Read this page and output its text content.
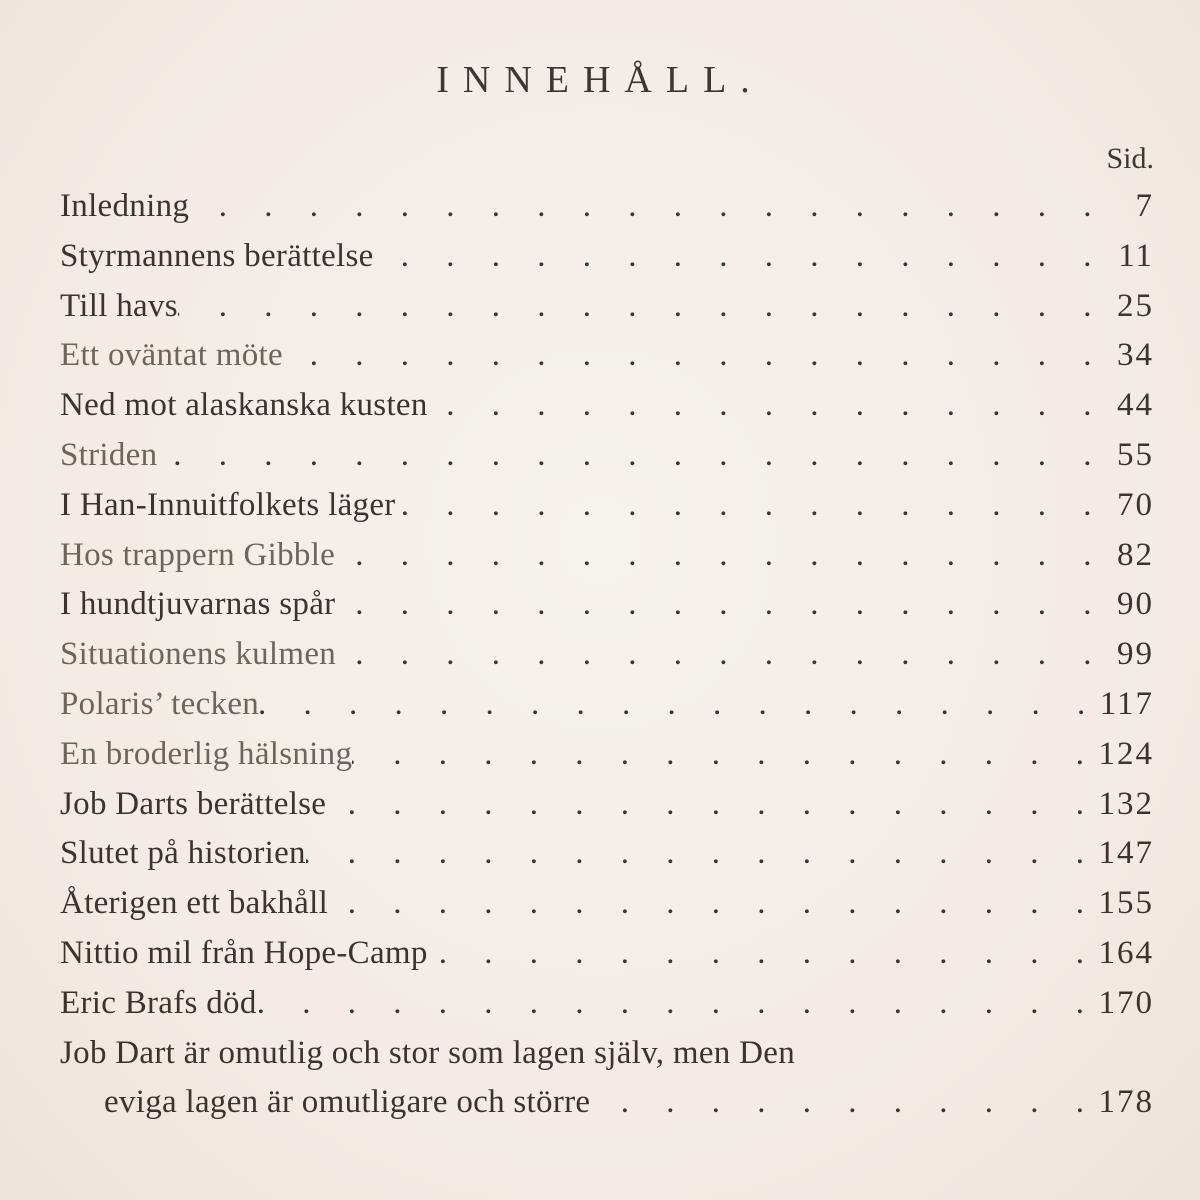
INNEHÅLL.
Sid.
Inledning . . .	7
Styrmannens berättelse . . .	11
Till havs . . .	25
Ett oväntat möte . . .	34
Ned mot alaskanska kusten . . .	44
Striden . . .	55
I Han-Innuitfolkets läger . . .	70
Hos trappern Gibble . . .	82
I hundtjuvarnas spår . . .	90
Situationens kulmen . . .	99
Polaris’ tecken . . .	117
En broderlig hälsning . . .	124
Job Darts berättelse . . .	132
Slutet på historien . . .	147
Återigen ett bakhåll . . .	155
Nittio mil från Hope-Camp . . .	164
Eric Brafs död . . .	170
Job Dart är omutlig och stor som lagen själv, men Den
eviga lagen är omutligare och större . . .	178
